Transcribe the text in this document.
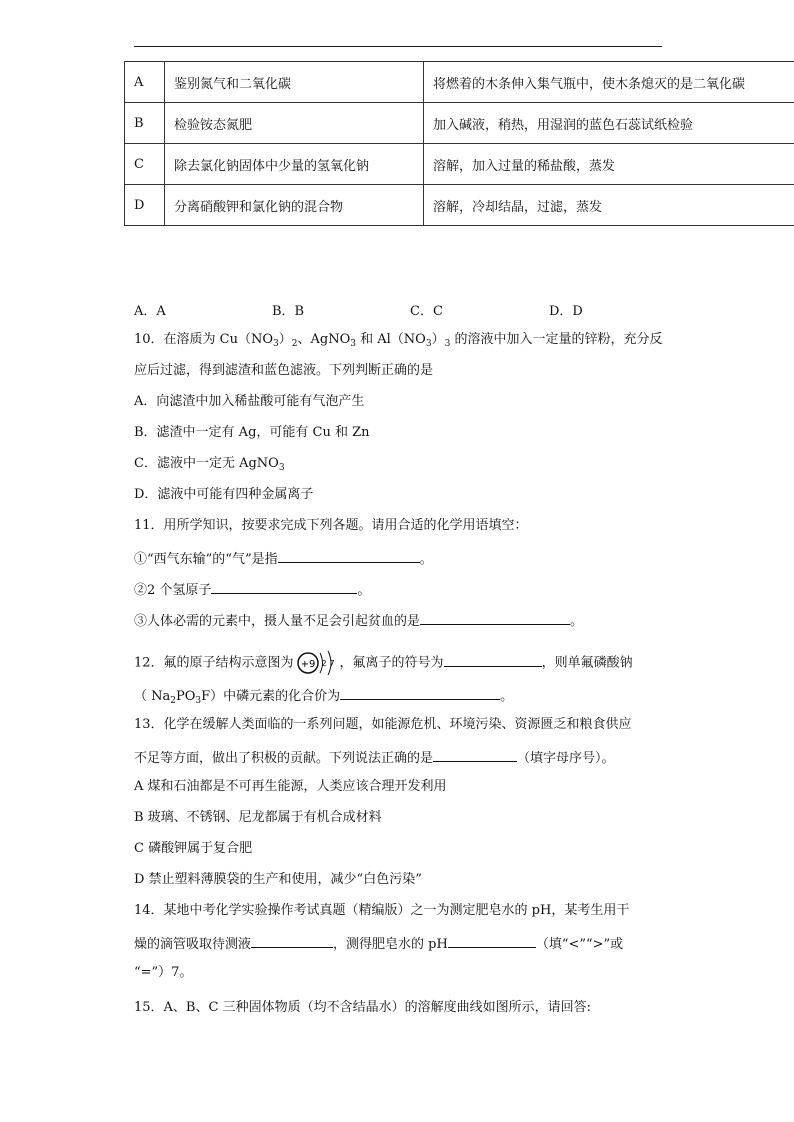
A	鉴别氮气和二氧化碳	将燃着的木条伸入集气瓶中，使木条熄灭的是二氧化碳
B	检验铵态氮肥	加入碱液，稍热，用湿润的蓝色石蕊试纸检验
C	除去氯化钠固体中少量的氢氧化钠	溶解，加入过量的稀盐酸，蒸发
D	分离硝酸钾和氯化钠的混合物	溶解，冷却结晶，过滤，蒸发
A．A	B．B	C．C	D．D
10．在溶质为 $Cu(NO_3)_2$、AgNO$_3$ 和 $Al(NO_3)_3$ 的溶液中加入一定量的锌粉，充分反
应后过滤，得到滤渣和蓝色滤液。下列判断正确的是
A．向滤渣中加入稀盐酸可能有气泡产生
B．滤渣中一定有 Ag，可能有 Cu 和 Zn
C．滤液中一定无 AgNO$_3$
D．滤液中可能有四种金属离子
11．用所学知识，按要求完成下列各题。请用合适的化学用语填空：
①“西气东输”的“气”是指	。
②2 个氢原子	。
③人体必需的元素中，摄人量不足会引起贫血的是	。
12．氟的原子结构示意图为 +9 2 7 ，氟离子的符号为	，则单氟磷酸钠
（ $Na_2PO_3F$）中磷元素的化合价为	。
13．化学在缓解人类面临的一系列问题，如能源危机、环境污染、资源匮乏和粮食供应
不足等方面，做出了积极的贡献。下列说法正确的是	（填字母序号）。
A 煤和石油都是不可再生能源，人类应该合理开发利用
B 玻璃、不锈钢、尼龙都属于有机合成材料
C 磷酸钾属于复合肥
D 禁止塑料薄膜袋的生产和使用，减少“白色污染”
14．某地中考化学实验操作考试真题（精编版）之一为测定肥皂水的 pH，某考生用干
燥的滴管吸取待测液	，测得肥皂水的 pH	（填“<”“>”或
“=”）7。
15．A、B、C 三种固体物质（均不含结晶水）的溶解度曲线如图所示，请回答:
